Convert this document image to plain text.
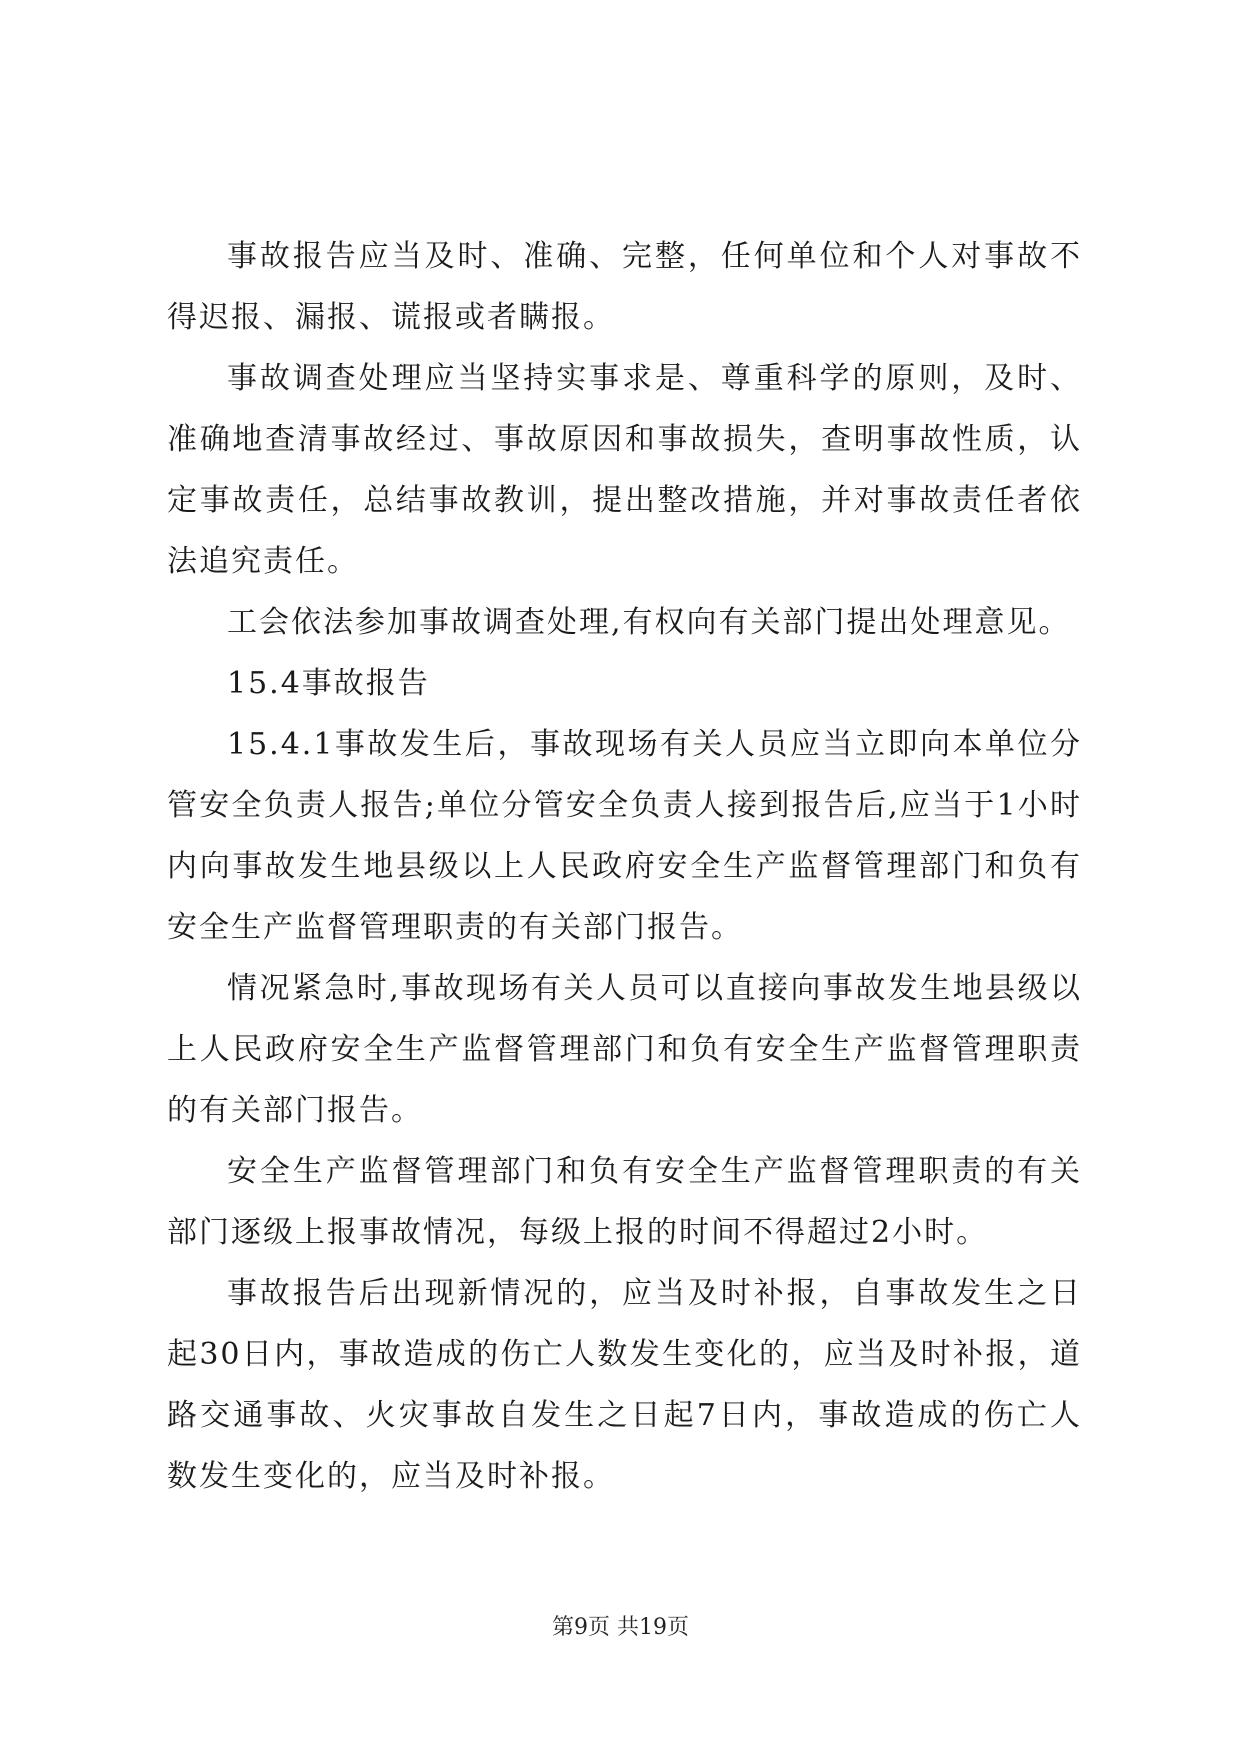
事故报告应当及时、准确、完整，任何单位和个人对事故不得迟报、漏报、谎报或者瞒报。

事故调查处理应当坚持实事求是、尊重科学的原则，及时、准确地查清事故经过、事故原因和事故损失，查明事故性质，认定事故责任，总结事故教训，提出整改措施，并对事故责任者依法追究责任。

工会依法参加事故调查处理,有权向有关部门提出处理意见。

15.4事故报告

15.4.1事故发生后，事故现场有关人员应当立即向本单位分管安全负责人报告;单位分管安全负责人接到报告后,应当于1小时内向事故发生地县级以上人民政府安全生产监督管理部门和负有安全生产监督管理职责的有关部门报告。

情况紧急时,事故现场有关人员可以直接向事故发生地县级以上人民政府安全生产监督管理部门和负有安全生产监督管理职责的有关部门报告。

安全生产监督管理部门和负有安全生产监督管理职责的有关部门逐级上报事故情况，每级上报的时间不得超过2小时。

事故报告后出现新情况的，应当及时补报，自事故发生之日起30日内，事故造成的伤亡人数发生变化的，应当及时补报，道路交通事故、火灾事故自发生之日起7日内，事故造成的伤亡人数发生变化的，应当及时补报。

第9页 共19页
